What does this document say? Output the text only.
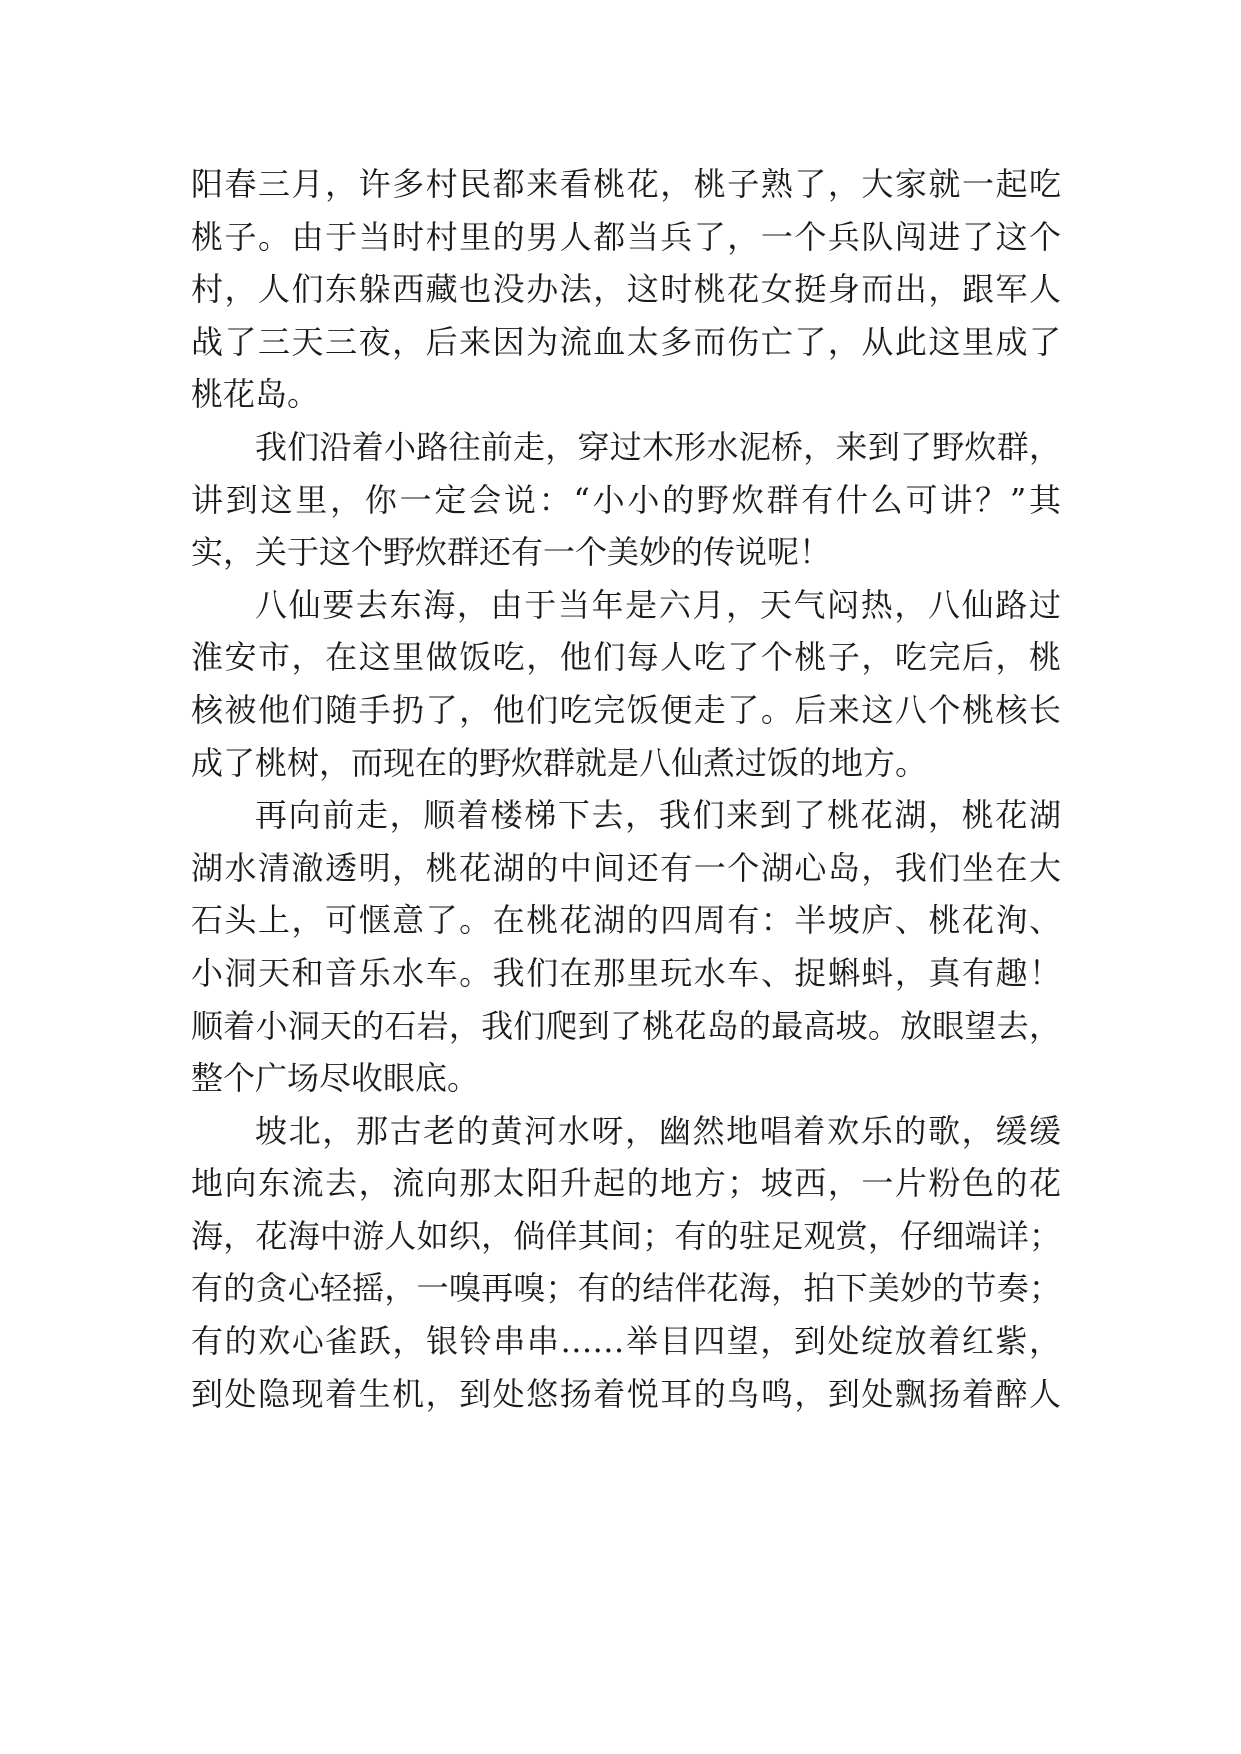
阳春三月，许多村民都来看桃花，桃子熟了，大家就一起吃
桃子。由于当时村里的男人都当兵了，一个兵队闯进了这个
村，人们东躲西藏也没办法，这时桃花女挺身而出，跟军人
战了三天三夜，后来因为流血太多而伤亡了，从此这里成了
桃花岛。
我们沿着小路往前走，穿过木形水泥桥，来到了野炊群，
讲到这里，你一定会说：“小小的野炊群有什么可讲？”其
实，关于这个野炊群还有一个美妙的传说呢！
八仙要去东海，由于当年是六月，天气闷热，八仙路过
淮安市，在这里做饭吃，他们每人吃了个桃子，吃完后，桃
核被他们随手扔了，他们吃完饭便走了。后来这八个桃核长
成了桃树，而现在的野炊群就是八仙煮过饭的地方。
再向前走，顺着楼梯下去，我们来到了桃花湖，桃花湖
湖水清澈透明，桃花湖的中间还有一个湖心岛，我们坐在大
石头上，可惬意了。在桃花湖的四周有：半坡庐、桃花洵、
小洞天和音乐水车。我们在那里玩水车、捉蝌蚪，真有趣！
顺着小洞天的石岩，我们爬到了桃花岛的最高坡。放眼望去，
整个广场尽收眼底。
坡北，那古老的黄河水呀，幽然地唱着欢乐的歌，缓缓
地向东流去，流向那太阳升起的地方；坡西，一片粉色的花
海，花海中游人如织，倘佯其间；有的驻足观赏，仔细端详；
有的贪心轻摇，一嗅再嗅；有的结伴花海，拍下美妙的节奏；
有的欢心雀跃，银铃串串……举目四望，到处绽放着红紫，
到处隐现着生机，到处悠扬着悦耳的鸟鸣，到处飘扬着醉人
